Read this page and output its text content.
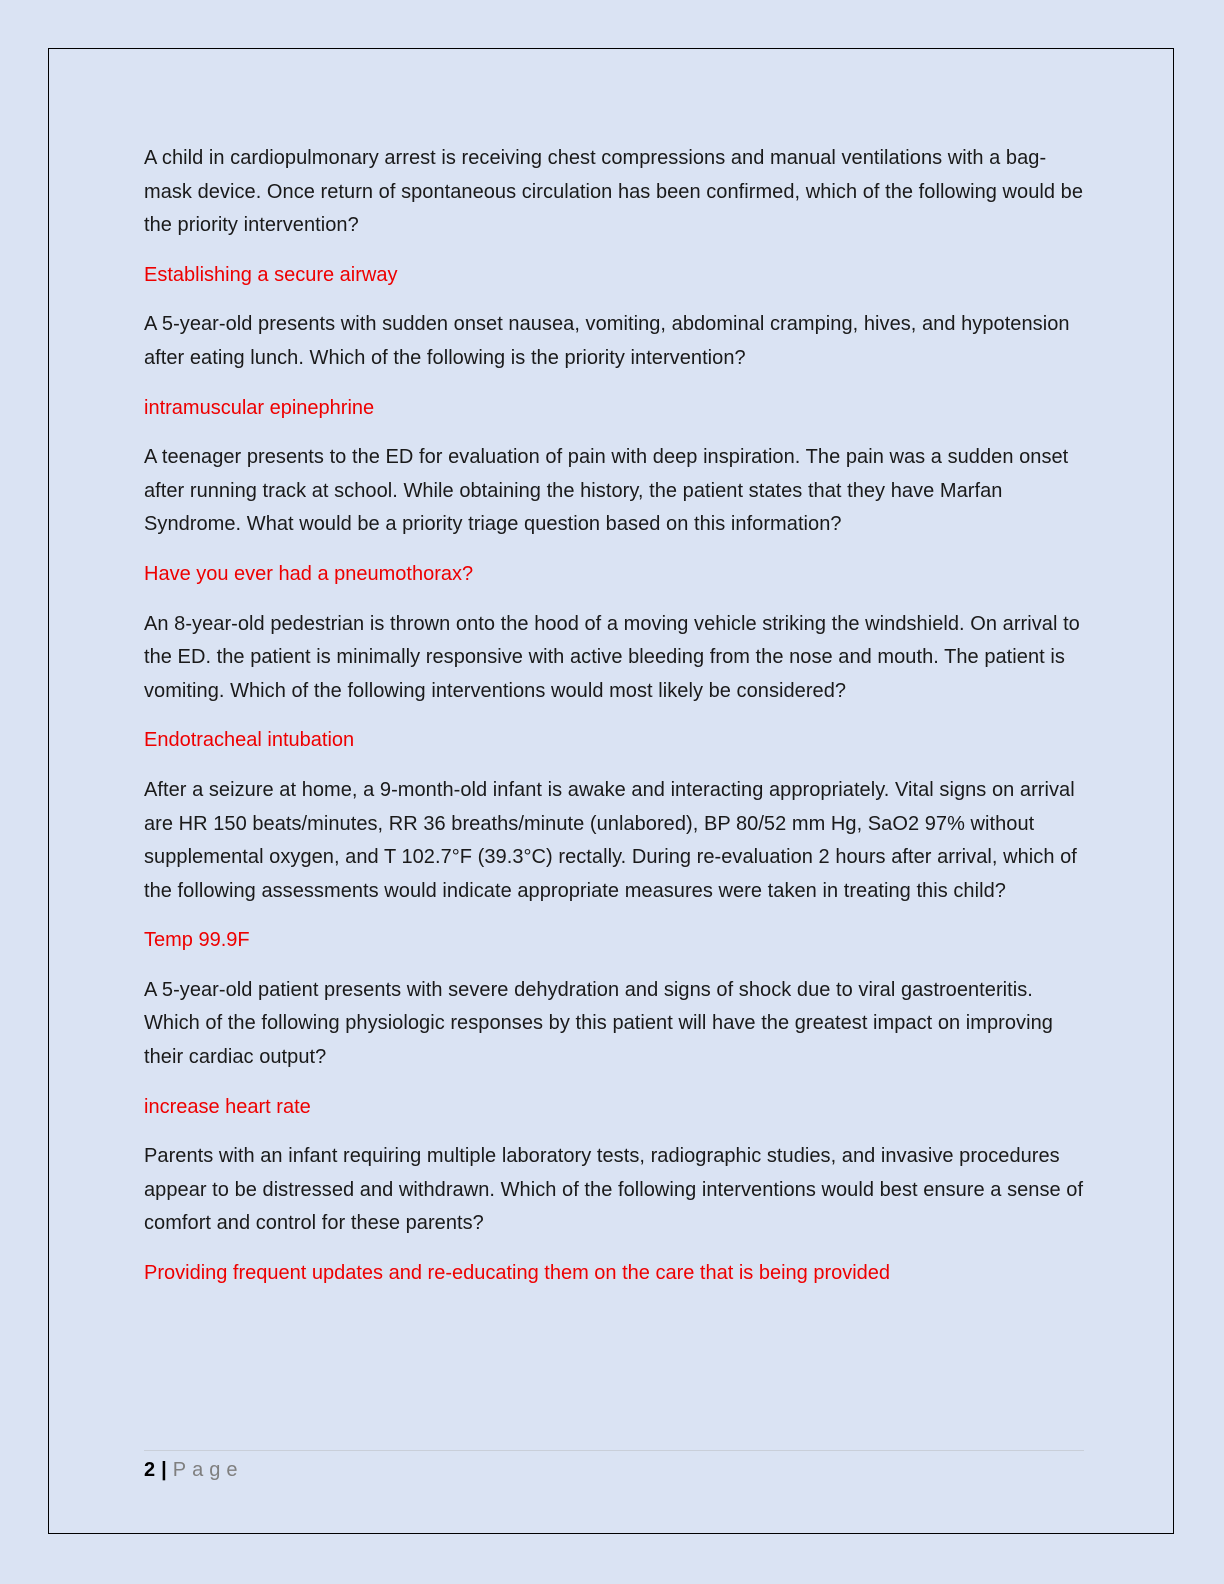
A child in cardiopulmonary arrest is receiving chest compressions and manual ventilations with a bag-mask device. Once return of spontaneous circulation has been confirmed, which of the following would be the priority intervention?

Establishing a secure airway

A 5-year-old presents with sudden onset nausea, vomiting, abdominal cramping, hives, and hypotension after eating lunch. Which of the following is the priority intervention?

intramuscular epinephrine

A teenager presents to the ED for evaluation of pain with deep inspiration. The pain was a sudden onset after running track at school. While obtaining the history, the patient states that they have Marfan Syndrome. What would be a priority triage question based on this information?

Have you ever had a pneumothorax?

An 8-year-old pedestrian is thrown onto the hood of a moving vehicle striking the windshield. On arrival to the ED. the patient is minimally responsive with active bleeding from the nose and mouth. The patient is vomiting. Which of the following interventions would most likely be considered?

Endotracheal intubation

After a seizure at home, a 9-month-old infant is awake and interacting appropriately. Vital signs on arrival are HR 150 beats/minutes, RR 36 breaths/minute (unlabored), BP 80/52 mm Hg, SaO2 97% without supplemental oxygen, and T 102.7°F (39.3°C) rectally. During re-evaluation 2 hours after arrival, which of the following assessments would indicate appropriate measures were taken in treating this child?

Temp 99.9F

A 5-year-old patient presents with severe dehydration and signs of shock due to viral gastroenteritis. Which of the following physiologic responses by this patient will have the greatest impact on improving their cardiac output?

increase heart rate

Parents with an infant requiring multiple laboratory tests, radiographic studies, and invasive procedures appear to be distressed and withdrawn. Which of the following interventions would best ensure a sense of comfort and control for these parents?

Providing frequent updates and re-educating them on the care that is being provided

2 | Page
